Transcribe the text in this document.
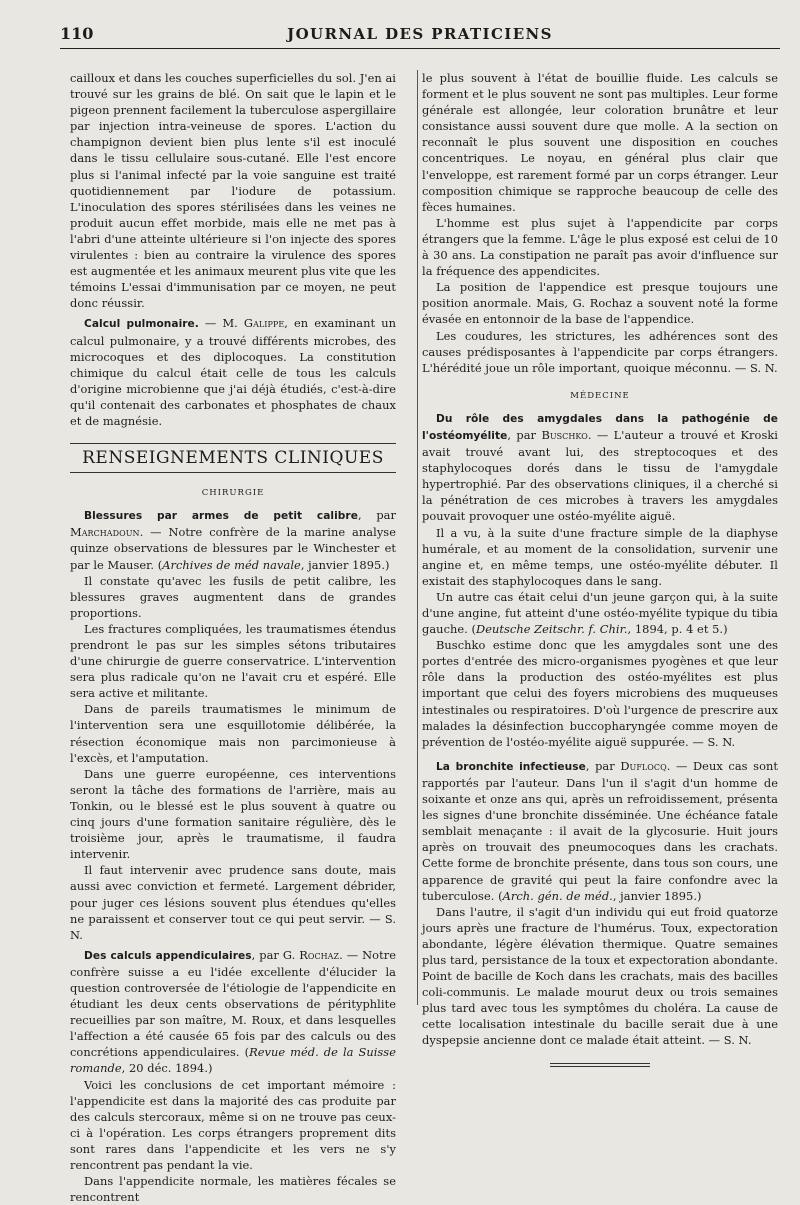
110	JOURNAL DES PRATICIENS

cailloux et dans les couches superficielles du sol. J'en ai trouvé sur les grains de blé. On sait que le lapin et le pigeon prennent facilement la tuberculose aspergillaire par injection intra-veineuse de spores. L'action du champignon devient bien plus lente s'il est inoculé dans le tissu cellulaire sous-cutané. Elle l'est encore plus si l'animal infecté par la voie sanguine est traité quotidiennement par l'iodure de potassium. L'inoculation des spores stérilisées dans les veines ne produit aucun effet morbide, mais elle ne met pas à l'abri d'une atteinte ultérieure si l'on injecte des spores virulentes : bien au contraire la virulence des spores est augmentée et les animaux meurent plus vite que les témoins L'essai d'immunisation par ce moyen, ne peut donc réussir.

Calcul pulmonaire. — M. Galippe, en examinant un calcul pulmonaire, y a trouvé différents microbes, des microcoques et des diplocoques. La constitution chimique du calcul était celle de tous les calculs d'origine microbienne que j'ai déjà étudiés, c'est-à-dire qu'il contenait des carbonates et phosphates de chaux et de magnésie.

RENSEIGNEMENTS CLINIQUES
CHIRURGIE

Blessures par armes de petit calibre, par Marchadoun. — Notre confrère de la marine analyse quinze observations de blessures par le Winchester et par le Mauser. (Archives de méd navale, janvier 1895.)

Il constate qu'avec les fusils de petit calibre, les blessures graves augmentent dans de grandes proportions.

Les fractures compliquées, les traumatismes étendus prendront le pas sur les simples sétons tributaires d'une chirurgie de guerre conservatrice. L'intervention sera plus radicale qu'on ne l'avait cru et espéré. Elle sera active et militante.

Dans de pareils traumatismes le minimum de l'intervention sera une esquillotomie délibérée, la résection économique mais non parcimonieuse à l'excès, et l'amputation.

Dans une guerre européenne, ces interventions seront la tâche des formations de l'arrière, mais au Tonkin, ou le blessé est le plus souvent à quatre ou cinq jours d'une formation sanitaire régulière, dès le troisième jour, après le traumatisme, il faudra intervenir.

Il faut intervenir avec prudence sans doute, mais aussi avec conviction et fermeté. Largement débrider, pour juger ces lésions souvent plus étendues qu'elles ne paraissent et conserver tout ce qui peut servir. — S. N.

Des calculs appendiculaires, par G. Rochaz. — Notre confrère suisse a eu l'idée excellente d'élucider la question controversée de l'étiologie de l'appendicite en étudiant les deux cents observations de pérityphlite recueillies par son maître, M. Roux, et dans lesquelles l'affection a été causée 65 fois par des calculs ou des concrétions appendiculaires. (Revue méd. de la Suisse romande, 20 déc. 1894.)

Voici les conclusions de cet important mémoire : l'appendicite est dans la majorité des cas produite par des calculs stercoraux, même si on ne trouve pas ceux-ci à l'opération. Les corps étrangers proprement dits sont rares dans l'appendicite et les vers ne s'y rencontrent pas pendant la vie.

Dans l'appendicite normale, les matières fécales se rencontrent

le plus souvent à l'état de bouillie fluide. Les calculs se forment et le plus souvent ne sont pas multiples. Leur forme générale est allongée, leur coloration brunâtre et leur consistance aussi souvent dure que molle. A la section on reconnaît le plus souvent une disposition en couches concentriques. Le noyau, en général plus clair que l'enveloppe, est rarement formé par un corps étranger. Leur composition chimique se rapproche beaucoup de celle des fèces humaines.

L'homme est plus sujet à l'appendicite par corps étrangers que la femme. L'âge le plus exposé est celui de 10 à 30 ans. La constipation ne paraît pas avoir d'influence sur la fréquence des appendicites.

La position de l'appendice est presque toujours une position anormale. Mais, G. Rochaz a souvent noté la forme évasée en entonnoir de la base de l'appendice.

Les coudures, les strictures, les adhérences sont des causes prédisposantes à l'appendicite par corps étrangers. L'hérédité joue un rôle important, quoique méconnu. — S. N.

MÉDECINE

Du rôle des amygdales dans la pathogénie de l'ostéomyélite, par Buschko. — L'auteur a trouvé et Kroski avait trouvé avant lui, des streptocoques et des staphylocoques dorés dans le tissu de l'amygdale hypertrophié. Par des observations cliniques, il a cherché si la pénétration de ces microbes à travers les amygdales pouvait provoquer une ostéo-myélite aiguë.

Il a vu, à la suite d'une fracture simple de la diaphyse humérale, et au moment de la consolidation, survenir une angine et, en même temps, une ostéo-myélite débuter. Il existait des staphylocoques dans le sang.

Un autre cas était celui d'un jeune garçon qui, à la suite d'une angine, fut atteint d'une ostéo-myélite typique du tibia gauche. (Deutsche Zeitschr. f. Chir., 1894, p. 4 et 5.)

Buschko estime donc que les amygdales sont une des portes d'entrée des micro-organismes pyogènes et que leur rôle dans la production des ostéo-myélites est plus important que celui des foyers microbiens des muqueuses intestinales ou respiratoires. D'où l'urgence de prescrire aux malades la désinfection buccopharyngée comme moyen de prévention de l'ostéo-myélite aiguë suppurée. — S. N.

La bronchite infectieuse, par Duflocq. — Deux cas sont rapportés par l'auteur. Dans l'un il s'agit d'un homme de soixante et onze ans qui, après un refroidissement, présenta les signes d'une bronchite disséminée. Une échéance fatale semblait menaçante : il avait de la glycosurie. Huit jours après on trouvait des pneumocoques dans les crachats. Cette forme de bronchite présente, dans tous son cours, une apparence de gravité qui peut la faire confondre avec la tuberculose. (Arch. gén. de méd., janvier 1895.)

Dans l'autre, il s'agit d'un individu qui eut froid quatorze jours après une fracture de l'humérus. Toux, expectoration abondante, légère élévation thermique. Quatre semaines plus tard, persistance de la toux et expectoration abondante. Point de bacille de Koch dans les crachats, mais des bacilles coli-communis. Le malade mourut deux ou trois semaines plus tard avec tous les symptômes du choléra. La cause de cette localisation intestinale du bacille serait due à une dyspepsie ancienne dont ce malade était atteint. — S. N.
